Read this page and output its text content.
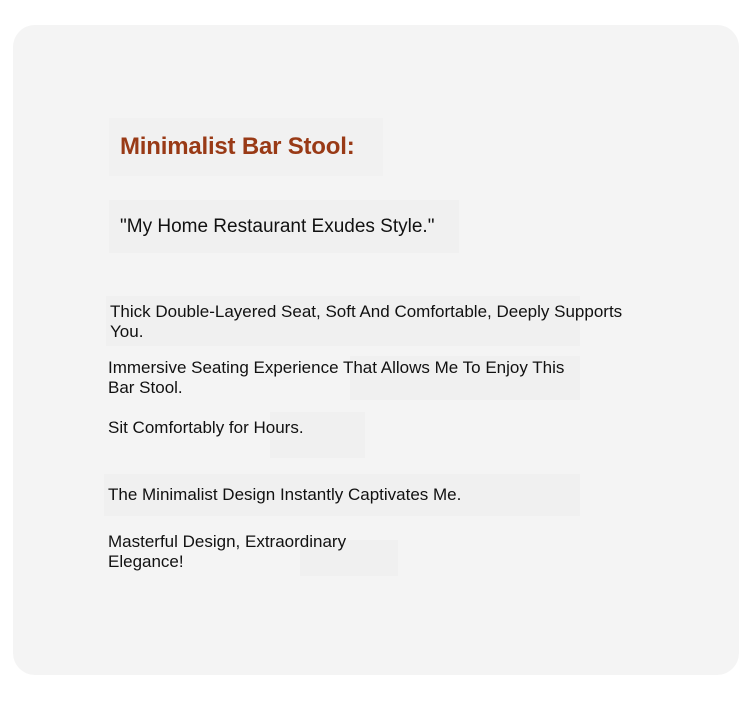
Minimalist Bar Stool:
"My Home Restaurant Exudes Style."

Thick Double-Layered Seat, Soft And Comfortable, Deeply Supports You.

Immersive Seating Experience That Allows Me To Enjoy This Bar Stool.

Sit Comfortably for Hours.

The Minimalist Design Instantly Captivates Me.

Masterful Design, Extraordinary Elegance!
